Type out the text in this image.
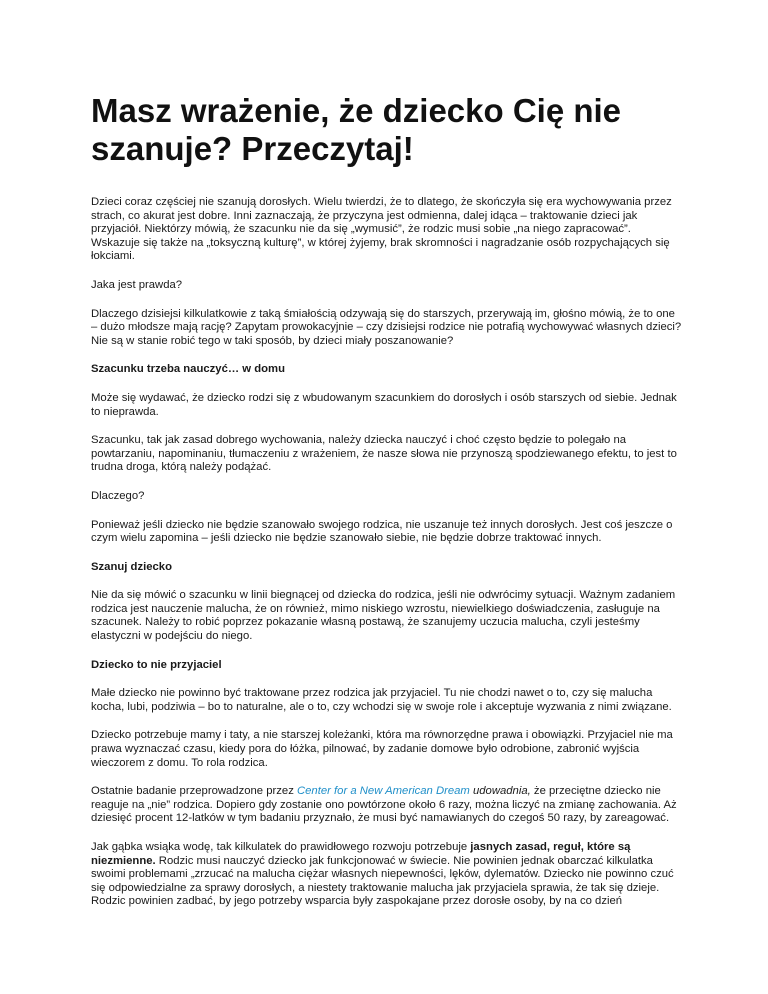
Masz wrażenie, że dziecko Cię nie szanuje? Przeczytaj!

Dzieci coraz częściej nie szanują dorosłych. Wielu twierdzi, że to dlatego, że skończyła się era wychowywania przez strach, co akurat jest dobre. Inni zaznaczają, że przyczyna jest odmienna, dalej idąca – traktowanie dzieci jak przyjaciół. Niektórzy mówią, że szacunku nie da się „wymusić”, że rodzic musi sobie „na niego zapracować”. Wskazuje się także na „toksyczną kulturę”, w której żyjemy, brak skromności i nagradzanie osób rozpychających się łokciami.

Jaka jest prawda?

Dlaczego dzisiejsi kilkulatkowie z taką śmiałością odzywają się do starszych, przerywają im, głośno mówią, że to one – dużo młodsze mają rację? Zapytam prowokacyjnie – czy dzisiejsi rodzice nie potrafią wychowywać własnych dzieci? Nie są w stanie robić tego w taki sposób, by dzieci miały poszanowanie?

Szacunku trzeba nauczyć… w domu

Może się wydawać, że dziecko rodzi się z wbudowanym szacunkiem do dorosłych i osób starszych od siebie. Jednak to nieprawda.

Szacunku, tak jak zasad dobrego wychowania, należy dziecka nauczyć i choć często będzie to polegało na powtarzaniu, napominaniu, tłumaczeniu z wrażeniem, że nasze słowa nie przynoszą spodziewanego efektu, to jest to trudna droga, którą należy podążać.

Dlaczego?

Ponieważ jeśli dziecko nie będzie szanowało swojego rodzica, nie uszanuje też innych dorosłych. Jest coś jeszcze o czym wielu zapomina – jeśli dziecko nie będzie szanowało siebie, nie będzie dobrze traktować innych.

Szanuj dziecko

Nie da się mówić o szacunku w linii biegnącej od dziecka do rodzica, jeśli nie odwrócimy sytuacji. Ważnym zadaniem rodzica jest nauczenie malucha, że on również, mimo niskiego wzrostu, niewielkiego doświadczenia, zasługuje na szacunek. Należy to robić poprzez pokazanie własną postawą, że szanujemy uczucia malucha, czyli jesteśmy elastyczni w podejściu do niego.

Dziecko to nie przyjaciel

Małe dziecko nie powinno być traktowane przez rodzica jak przyjaciel. Tu nie chodzi nawet o to, czy się malucha kocha, lubi, podziwia – bo to naturalne, ale o to, czy wchodzi się w swoje role i akceptuje wyzwania z nimi związane.

Dziecko potrzebuje mamy i taty, a nie starszej koleżanki, która ma równorzędne prawa i obowiązki. Przyjaciel nie ma prawa wyznaczać czasu, kiedy pora do łóżka, pilnować, by zadanie domowe było odrobione, zabronić wyjścia wieczorem z domu. To rola rodzica.

Ostatnie badanie przeprowadzone przez Center for a New American Dream udowadnia, że przeciętne dziecko nie reaguje na „nie” rodzica. Dopiero gdy zostanie ono powtórzone około 6 razy, można liczyć na zmianę zachowania. Aż dziesięć procent 12-latków w tym badaniu przyznało, że musi być namawianych do czegoś 50 razy, by zareagować.

Jak gąbka wsiąka wodę, tak kilkulatek do prawidłowego rozwoju potrzebuje jasnych zasad, reguł, które są niezmienne. Rodzic musi nauczyć dziecko jak funkcjonować w świecie. Nie powinien jednak obarczać kilkulatka swoimi problemami „zrzucać na malucha ciężar własnych niepewności, lęków, dylematów. Dziecko nie powinno czuć się odpowiedzialne za sprawy dorosłych, a niestety traktowanie malucha jak przyjaciela sprawia, że tak się dzieje. Rodzic powinien zadbać, by jego potrzeby wsparcia były zaspokajane przez dorosłe osoby, by na co dzień
